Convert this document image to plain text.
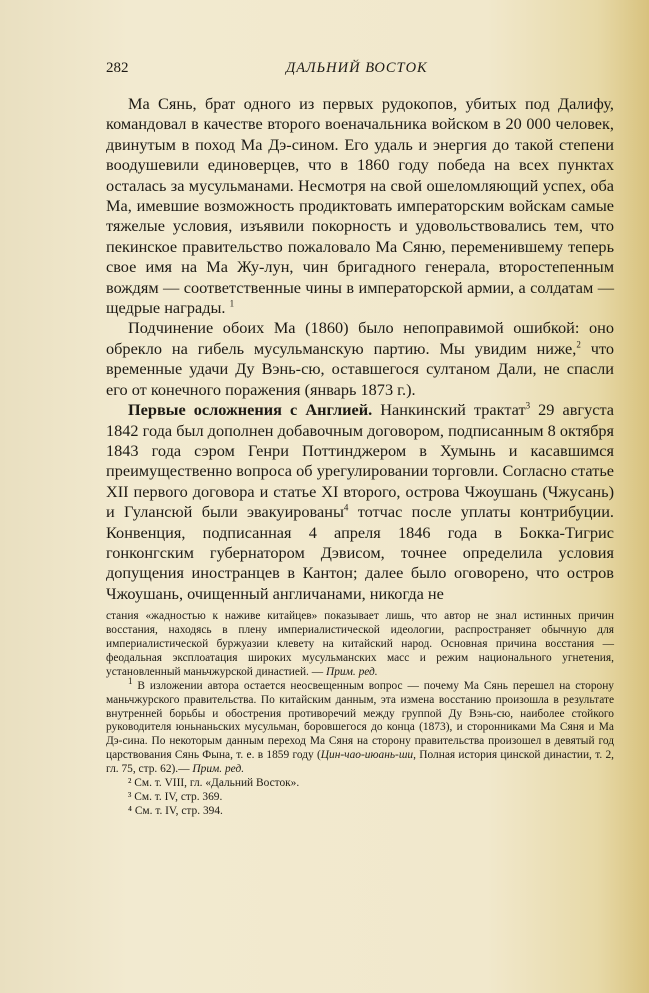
282	ДАЛЬНИЙ ВОСТОК

Ма Сянь, брат одного из первых рудокопов, убитых под Далифу, командовал в качестве второго военачальника войском в 20 000 человек, двинутым в поход Ма Дэ-сином. Его удаль и энергия до такой степени воодушевили единоверцев, что в 1860 году победа на всех пунктах осталась за мусульманами. Несмотря на свой ошеломляющий успех, оба Ма, имевшие возможность продиктовать императорским войскам самые тяжелые условия, изъявили покорность и удовольствовались тем, что пекинское правительство пожаловало Ма Сяню, переменившему теперь свое имя на Ма Жу-лун, чин бригадного генерала, второстепенным вождям — соответственные чины в императорской армии, а солдатам — щедрые награды. $^1$

Подчинение обоих Ма (1860) было непоправимой ошибкой: оно обрекло на гибель мусульманскую партию. Мы увидим ниже,$^2$ что временные удачи Ду Вэнь-сю, оставшегося султаном Дали, не спасли его от конечного поражения (январь 1873 г.).

Первые осложнения с Англией. Нанкинский трактат$^3$ 29 августа 1842 года был дополнен добавочным договором, подписанным 8 октября 1843 года сэром Генри Поттинджером в Хумынь и касавшимся преимущественно вопроса об урегулировании торговли. Согласно статье XII первого договора и статье XI второго, острова Чжоушань (Чжусань) и Гулансюй были эвакуированы$^4$ тотчас после уплаты контрибуции. Конвенция, подписанная 4 апреля 1846 года в Бокка-Тигрис гонконгским губернатором Дэвисом, точнее определила условия допущения иностранцев в Кантон; далее было оговорено, что остров Чжоушань, очищенный англичанами, никогда не

стания «жадностью к наживе китайцев» показывает лишь, что автор не знал истинных причин восстания, находясь в плену империалистической идеологии, распространяет обычную для империалистической буржуазии клевету на китайский народ. Основная причина восстания — феодальная эксплоатация широких мусульманских масс и режим национального угнетения, установленный маньчжурской династией. — Прим. ред.

$^1$ В изложении автора остается неосвещенным вопрос — почему Ма Сянь перешел на сторону маньчжурского правительства. По китайским данным, эта измена восстанию произошла в результате внутренней борьбы и обострения противоречий между группой Ду Вэнь-сю, наиболее стойкого руководителя юньнаньских мусульман, боровшегося до конца (1873), и сторонниками Ма Сяня и Ма Дэ-сина. По некоторым данным переход Ма Сяня на сторону правительства произошел в девятый год царствования Сянь Фына, т. е. в 1859 году (Цин-чао-июань-ши, Полная история цинской династии, т. 2, гл. 75, стр. 62).— Прим. ред.

² См. т. VIII, гл. «Дальний Восток».

³ См. т. IV, стр. 369.

⁴ См. т. IV, стр. 394.
